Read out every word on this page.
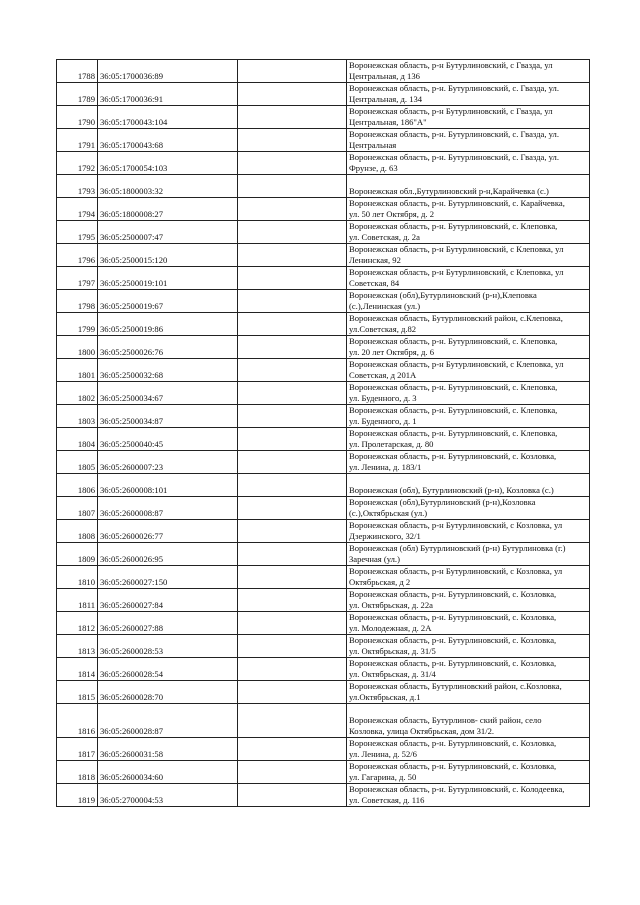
1788	36:05:1700036:89		Воронежская область, р-н Бутурлиновский, с Гвазда, ул
Центральная, д 136

1789	36:05:1700036:91		Воронежская область, р-н. Бутурлиновский, с. Гвазда, ул.
Центральная, д. 134

1790	36:05:1700043:104		Воронежская область, р-н Бутурлиновский, с Гвазда, ул
Центральная, 186"А"

1791	36:05:1700043:68		Воронежская область, р-н. Бутурлиновский, с. Гвазда, ул.
Центральная

1792	36:05:1700054:103		Воронежская область, р-н. Бутурлиновский, с. Гвазда, ул.
Фрунзе, д. 63

1793	36:05:1800003:32		Воронежская обл.,Бутурлиновский р-н,Карайчевка (с.)

1794	36:05:1800008:27		Воронежская область, р-н. Бутурлиновский, с. Карайчевка,
ул. 50 лет Октября, д. 2

1795	36:05:2500007:47		Воронежская область, р-н. Бутурлиновский, с. Клеповка,
ул. Советская, д. 2а

1796	36:05:2500015:120		Воронежская область, р-н Бутурлиновский, с Клеповка, ул
Ленинская, 92

1797	36:05:2500019:101		Воронежская область, р-н Бутурлиновский, с Клеповка, ул
Советская, 84

1798	36:05:2500019:67		Воронежская (обл),Бутурлиновский (р-н),Клеповка
(с.),Ленинская (ул.)

1799	36:05:2500019:86		Воронежская область, Бутурлиновский район, с.Клеповка,
ул.Советская, д.82

1800	36:05:2500026:76		Воронежская область, р-н. Бутурлиновский, с. Клеповка,
ул. 20 лет Октября, д. 6

1801	36:05:2500032:68		Воронежская область, р-н Бутурлиновский, с Клеповка, ул
Советская, д 201А

1802	36:05:2500034:67		Воронежская область, р-н. Бутурлиновский, с. Клеповка,
ул. Буденного, д. 3

1803	36:05:2500034:87		Воронежская область, р-н. Бутурлиновский, с. Клеповка,
ул. Буденного, д. 1

1804	36:05:2500040:45		Воронежская область, р-н. Бутурлиновский, с. Клеповка,
ул. Пролетарская, д. 80

1805	36:05:2600007:23		Воронежская область, р-н. Бутурлиновский, с. Козловка,
ул. Ленина, д. 183/1

1806	36:05:2600008:101		Воронежская (обл), Бутурлиновский (р-н), Козловка (с.)

1807	36:05:2600008:87		Воронежская (обл),Бутурлиновский (р-н),Козловка
(с.),Октябрьская (ул.)

1808	36:05:2600026:77		Воронежская область, р-н Бутурлиновский, с Козловка, ул
Дзержинского, 32/1

1809	36:05:2600026:95		Воронежская (обл) Бутурлиновский (р-н) Бутурлиновка (г.)
Заречная (ул.)

1810	36:05:2600027:150		Воронежская область, р-н Бутурлиновский, с Козловка, ул
Октябрьская, д 2

1811	36:05:2600027:84		Воронежская область, р-н. Бутурлиновский, с. Козловка,
ул. Октябрьская, д. 22а

1812	36:05:2600027:88		Воронежская область, р-н. Бутурлиновский, с. Козловка,
ул. Молодежная, д. 2А

1813	36:05:2600028:53		Воронежская область, р-н. Бутурлиновский, с. Козловка,
ул. Октябрьская, д. 31/5

1814	36:05:2600028:54		Воронежская область, р-н. Бутурлиновский, с. Козловка,
ул. Октябрьская, д. 31/4

1815	36:05:2600028:70		Воронежская область, Бутурлиновский район, с.Козловка,
ул.Октябрьская, д.1

1816	36:05:2600028:87		Воронежская область, Бутурлинов- ский район, село
Козловка, улица Октябрьская, дом 31/2.

1817	36:05:2600031:58		Воронежская область, р-н. Бутурлиновский, с. Козловка,
ул. Ленина, д. 52/6

1818	36:05:2600034:60		Воронежская область, р-н. Бутурлиновский, с. Козловка,
ул. Гагарина, д. 50

1819	36:05:2700004:53		Воронежская область, р-н. Бутурлиновский, с. Колодеевка,
ул. Советская, д. 116
